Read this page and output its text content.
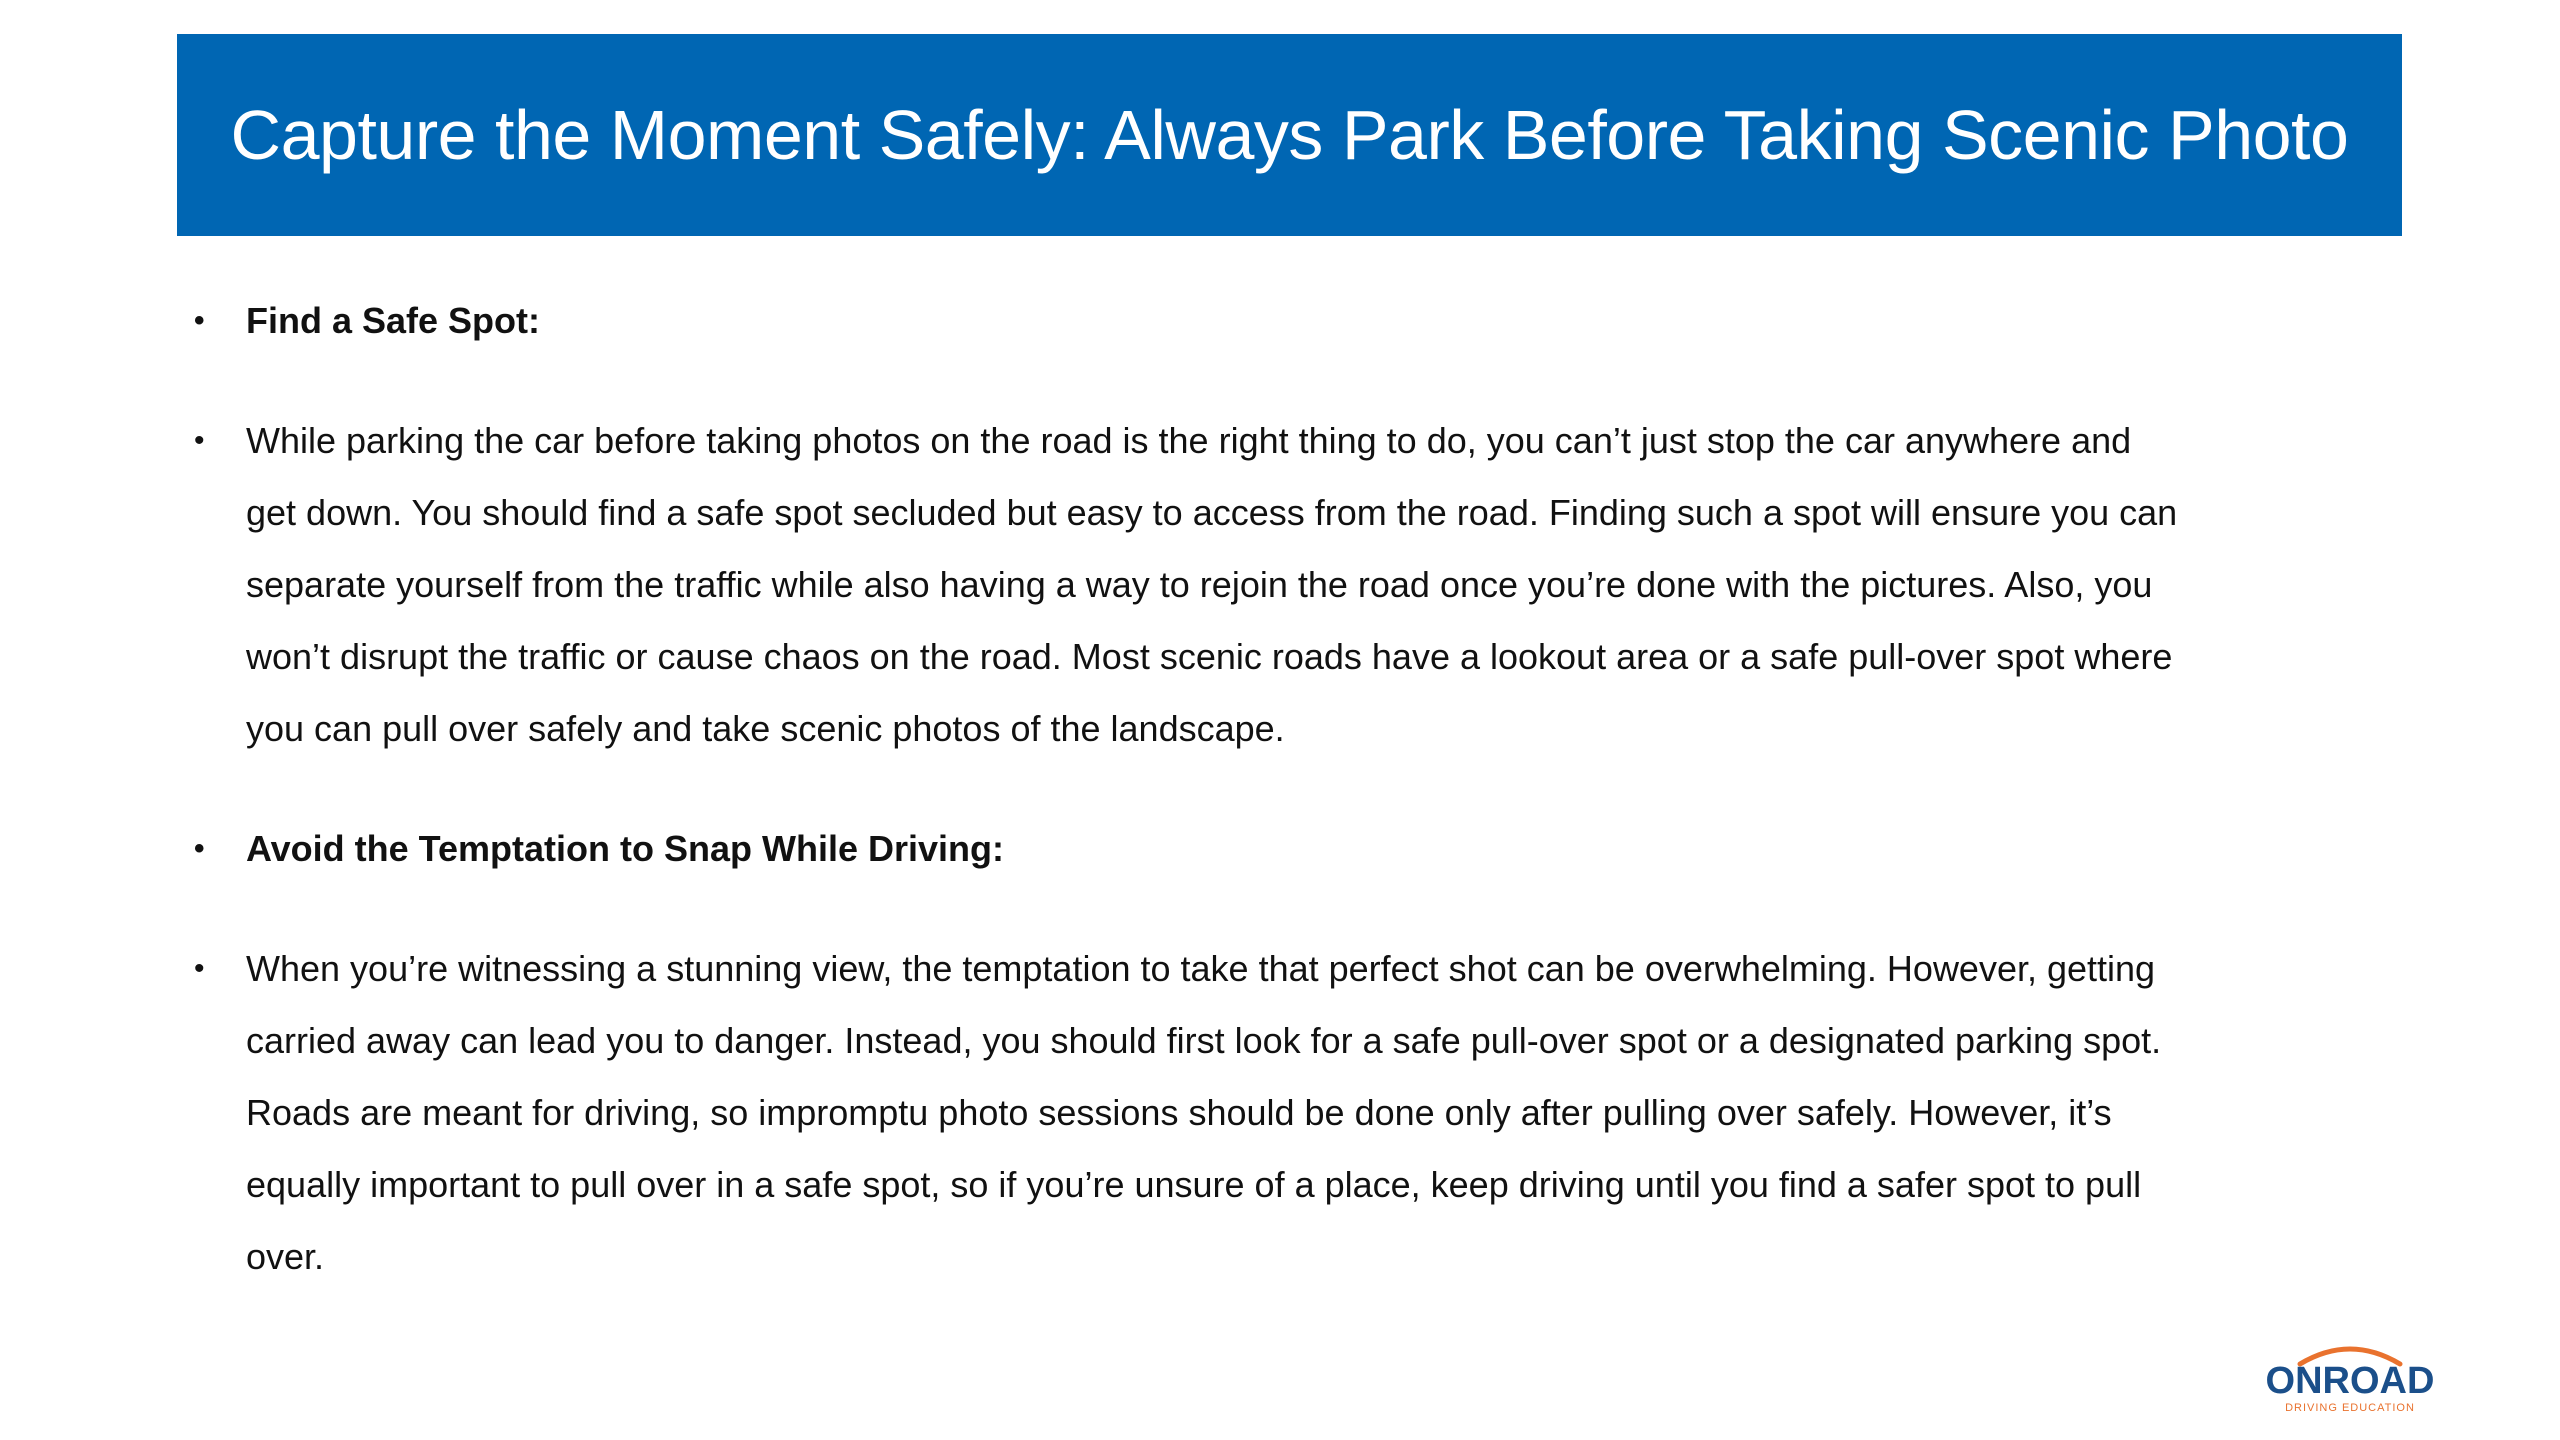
Capture the Moment Safely: Always Park Before Taking Scenic Photo
• Find a Safe Spot:
• While parking the car before taking photos on the road is the right thing to do, you can’t just stop the car anywhere and
get down. You should find a safe spot secluded but easy to access from the road. Finding such a spot will ensure you can
separate yourself from the traffic while also having a way to rejoin the road once you’re done with the pictures. Also, you
won’t disrupt the traffic or cause chaos on the road. Most scenic roads have a lookout area or a safe pull-over spot where
you can pull over safely and take scenic photos of the landscape.
• Avoid the Temptation to Snap While Driving:
• When you’re witnessing a stunning view, the temptation to take that perfect shot can be overwhelming. However, getting
carried away can lead you to danger. Instead, you should first look for a safe pull-over spot or a designated parking spot.
Roads are meant for driving, so impromptu photo sessions should be done only after pulling over safely. However, it’s
equally important to pull over in a safe spot, so if you’re unsure of a place, keep driving until you find a safer spot to pull
over.
ONROAD
DRIVING EDUCATION
